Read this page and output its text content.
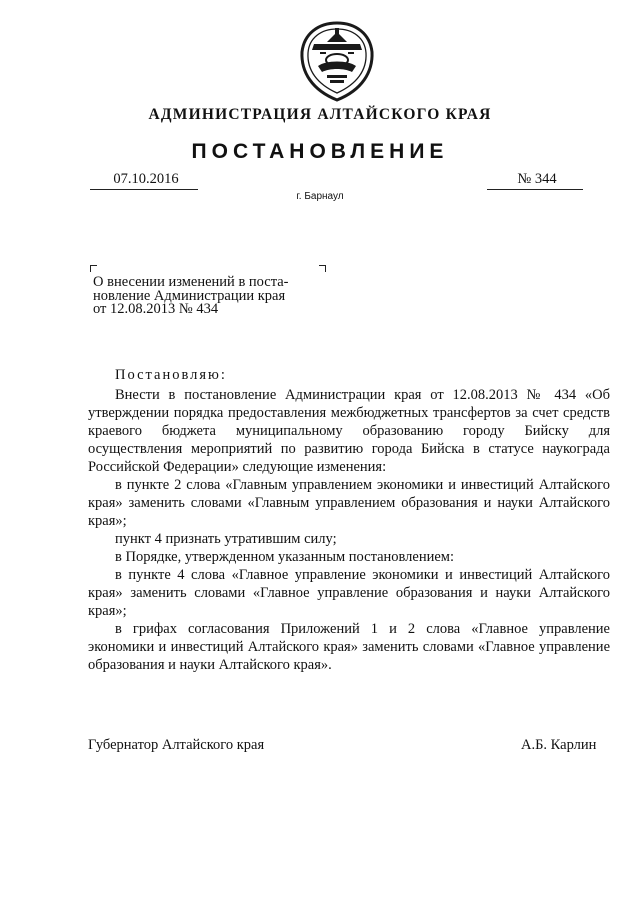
АДМИНИСТРАЦИЯ АЛТАЙСКОГО КРАЯ
ПОСТАНОВЛЕНИЕ
07.10.2016	№ 344
г. Барнаул
О внесении изменений в поста-
новление Администрации края
от 12.08.2013 № 434
Постановляю:

Внести в постановление Администрации края от 12.08.2013 № 434 «Об утверждении порядка предоставления межбюджетных трансфертов за счет средств краевого бюджета муниципальному образованию городу Бийску для осуществления мероприятий по развитию города Бийска в статусе наукограда Российской Федерации» следующие изменения:

в пункте 2 слова «Главным управлением экономики и инвестиций Алтайского края» заменить словами «Главным управлением образования и науки Алтайского края»;

пункт 4 признать утратившим силу;

в Порядке, утвержденном указанным постановлением:

в пункте 4 слова «Главное управление экономики и инвестиций Алтайского края» заменить словами «Главное управление образования и науки Алтайского края»;

в грифах согласования Приложений 1 и 2 слова «Главное управление экономики и инвестиций Алтайского края» заменить словами «Главное управление образования и науки Алтайского края».

Губернатор Алтайского края	А.Б. Карлин
